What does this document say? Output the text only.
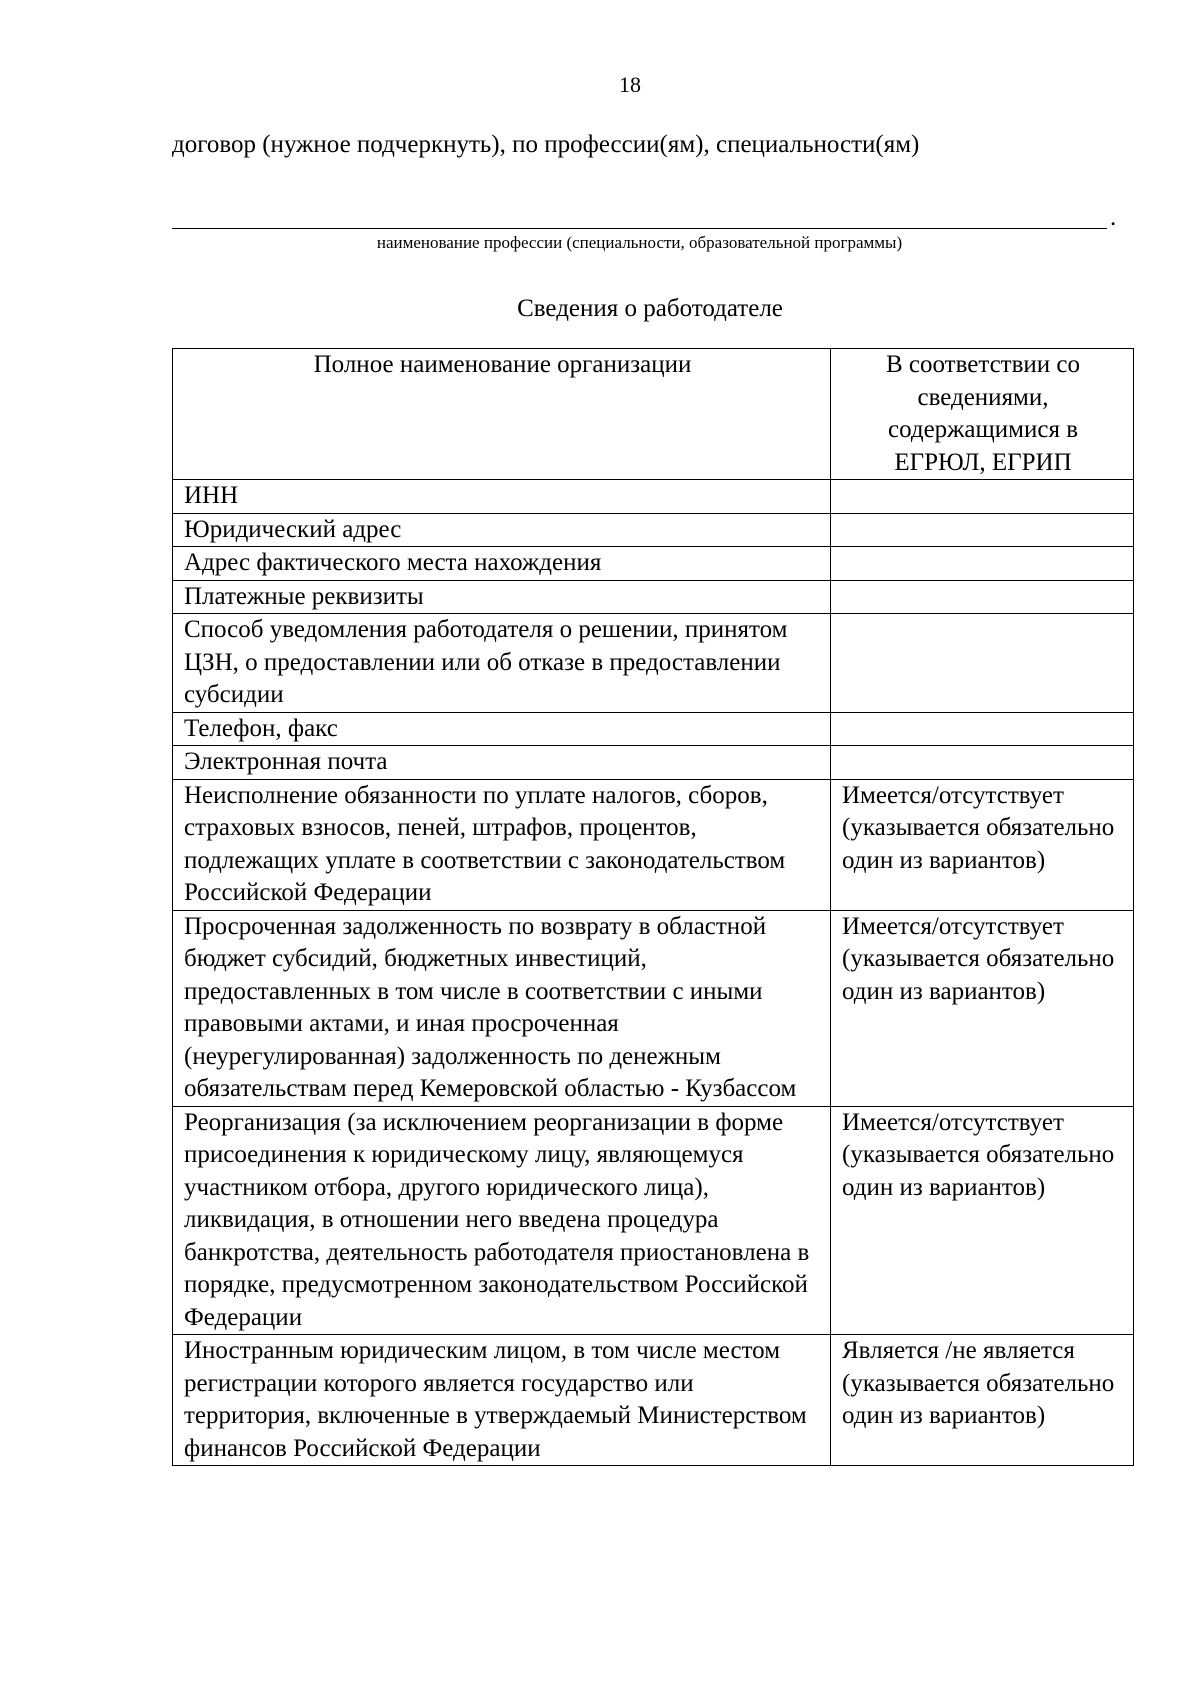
18
договор (нужное подчеркнуть), по профессии(ям), специальности(ям)
.
наименование профессии (специальности, образовательной программы)
Сведения о работодателе
Полное наименование организации	В соответствии со сведениями, содержащимися в ЕГРЮЛ, ЕГРИП
ИНН	
Юридический адрес	
Адрес фактического места нахождения	
Платежные реквизиты	
Способ уведомления работодателя о решении, принятом ЦЗН, о предоставлении или об отказе в предоставлении субсидии	
Телефон, факс	
Электронная почта	
Неисполнение обязанности по уплате налогов, сборов, страховых взносов, пеней, штрафов, процентов, подлежащих уплате в соответствии с законодательством Российской Федерации	Имеется/отсутствует (указывается обязательно один из вариантов)
Просроченная задолженность по возврату в областной бюджет субсидий, бюджетных инвестиций, предоставленных в том числе в соответствии с иными правовыми актами, и иная просроченная (неурегулированная) задолженность по денежным обязательствам перед Кемеровской областью - Кузбассом	Имеется/отсутствует (указывается обязательно один из вариантов)
Реорганизация (за исключением реорганизации в форме присоединения к юридическому лицу, являющемуся участником отбора, другого юридического лица), ликвидация, в отношении него введена процедура банкротства, деятельность работодателя приостановлена в порядке, предусмотренном законодательством Российской Федерации	Имеется/отсутствует (указывается обязательно один из вариантов)
Иностранным юридическим лицом, в том числе местом регистрации которого является государство или территория, включенные в утверждаемый Министерством финансов Российской Федерации	Является /не является (указывается обязательно один из вариантов)
